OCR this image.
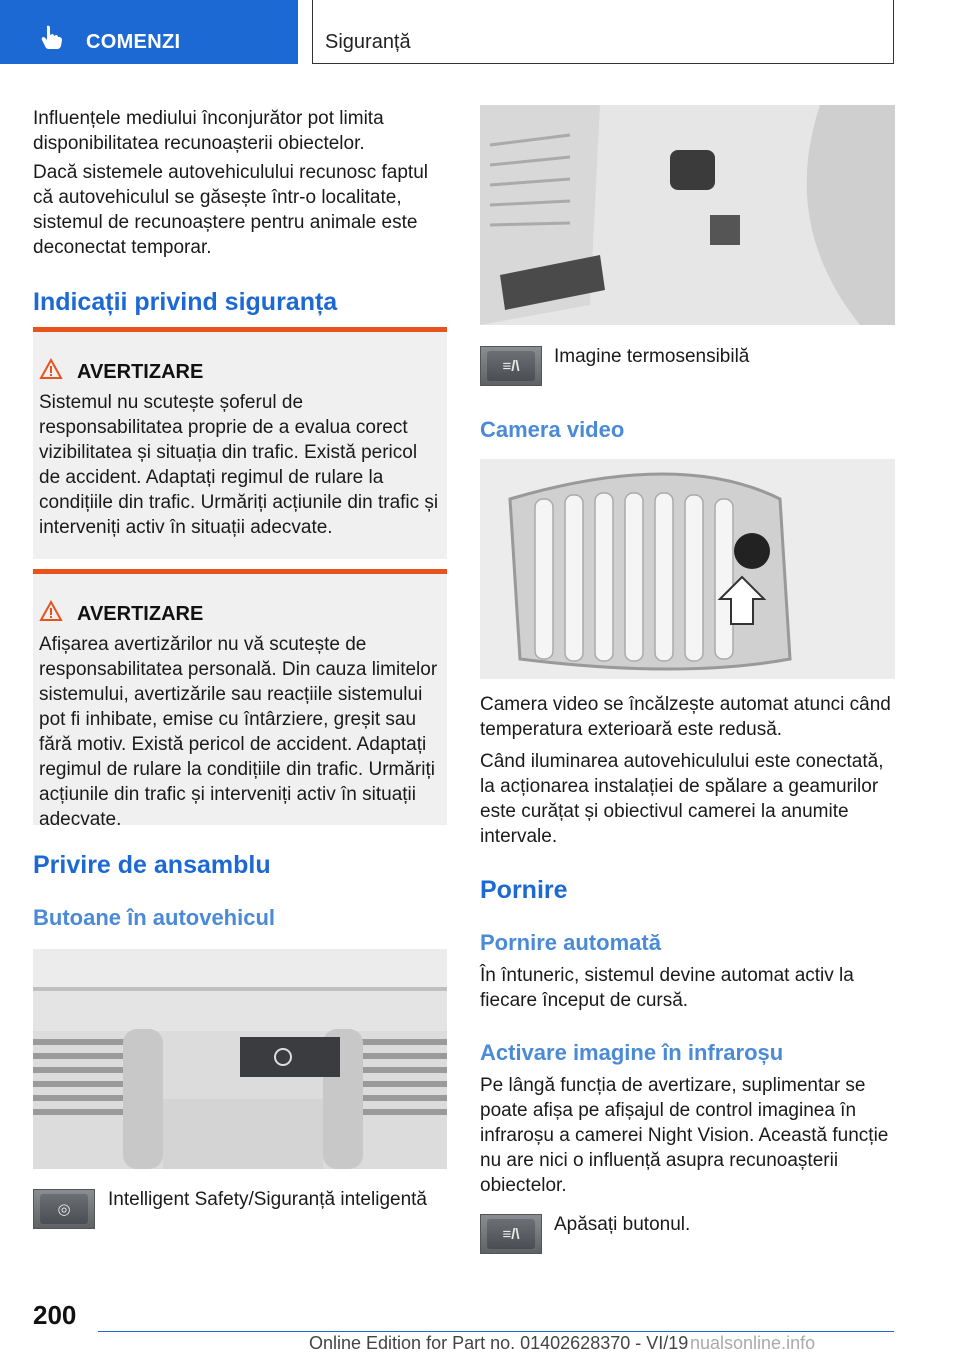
COMENZI	Siguranță

Influențele mediului înconjurător pot limita disponibilitatea recunoașterii obiectelor.

Dacă sistemele autovehiculului recunosc faptul că autovehiculul se găsește într-o localitate, sistemul de recunoaștere pentru animale este deconectat temporar.

Indicații privind siguranța
AVERTIZARE
Sistemul nu scutește șoferul de responsabilitatea proprie de a evalua corect vizibilitatea și situația din trafic. Există pericol de accident. Adaptați regimul de rulare la condițiile din trafic. Urmăriți acțiunile din trafic și interveniți activ în situații adecvate.
AVERTIZARE
Afișarea avertizărilor nu vă scutește de responsabilitatea personală. Din cauza limitelor sistemului, avertizările sau reacțiile sistemului pot fi inhibate, emise cu întârziere, greșit sau fără motiv. Există pericol de accident. Adaptați regimul de rulare la condițiile din trafic. Urmăriți acțiunile din trafic și interveniți activ în situații adecvate.
Privire de ansamblu
Butoane în autovehicul
◎ Intelligent Safety/Siguranță inteligentă

≡/\ Imagine termosensibilă

Camera video

Camera video se încălzește automat atunci când temperatura exterioară este redusă.

Când iluminarea autovehiculului este conectată, la acționarea instalației de spălare a geamurilor este curățat și obiectivul camerei la anumite intervale.

Pornire
Pornire automată

În întuneric, sistemul devine automat activ la fiecare început de cursă.

Activare imagine în infraroșu

Pe lângă funcția de avertizare, suplimentar se poate afișa pe afișajul de control imaginea în infraroșu a camerei Night Vision. Această funcție nu are nici o influență asupra recunoașterii obiectelor.

≡/\ Apăsați butonul.

200
Online Edition for Part no. 01402628370 - VI/19 nualsonline.info
